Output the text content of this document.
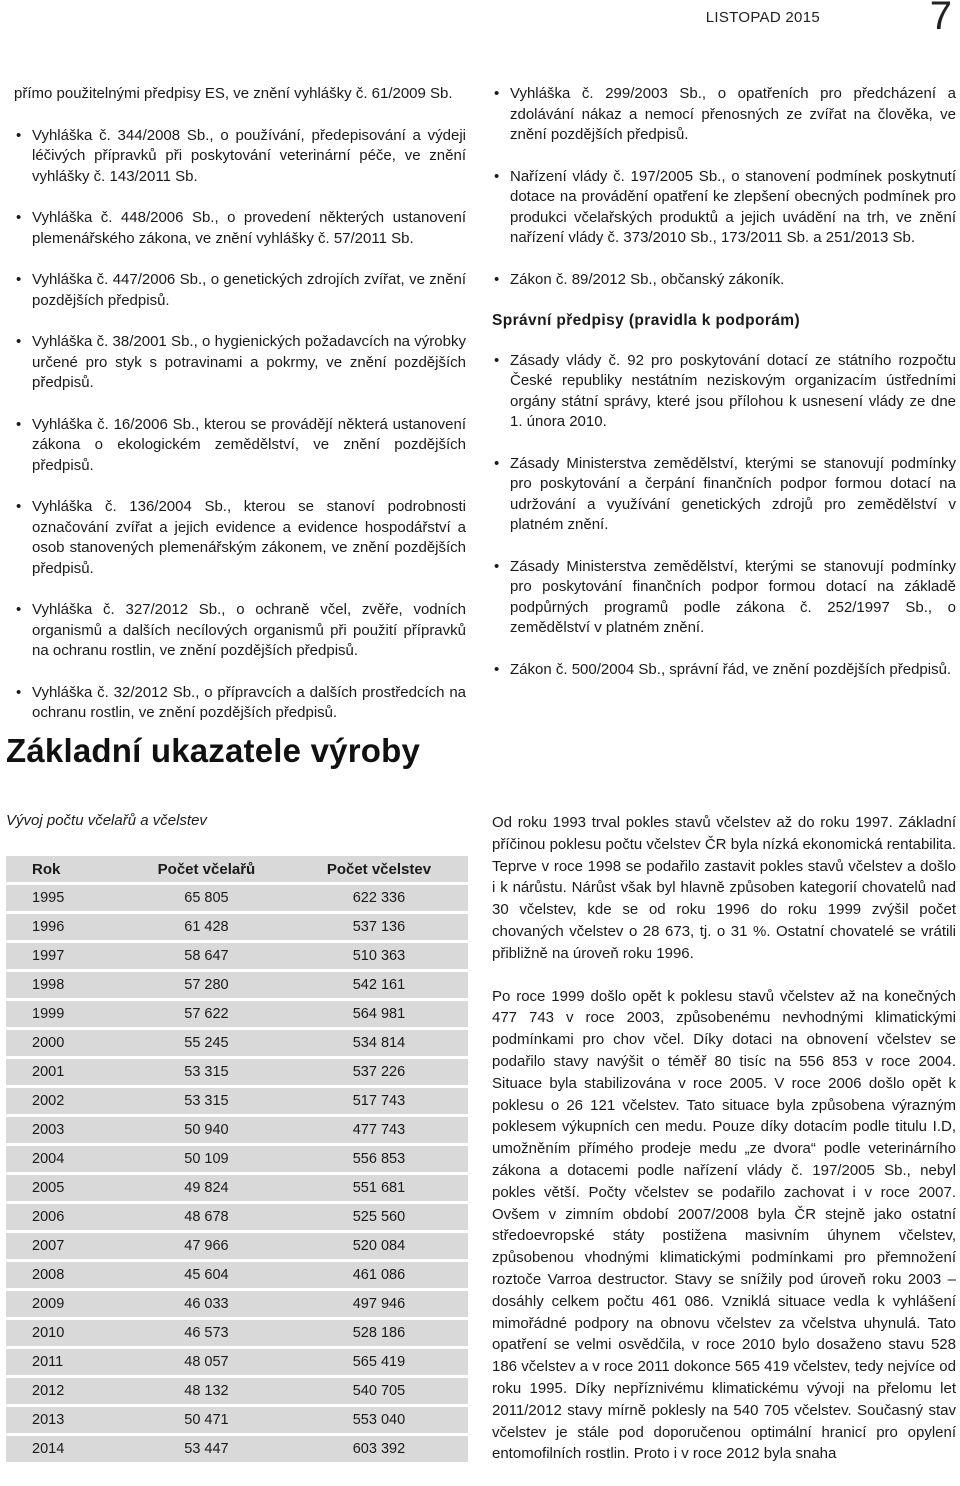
LISTOPAD 2015	7

přímo použitelnými předpisy ES, ve znění vyhlášky č. 61/2009 Sb.

• Vyhláška č. 344/2008 Sb., o používání, předepisování a výdeji léčivých přípravků při poskytování veterinární péče, ve znění vyhlášky č. 143/2011 Sb.
• Vyhláška č. 448/2006 Sb., o provedení některých ustanovení plemenářského zákona, ve znění vyhlášky č. 57/2011 Sb.
• Vyhláška č. 447/2006 Sb., o genetických zdrojích zvířat, ve znění pozdějších předpisů.
• Vyhláška č. 38/2001 Sb., o hygienických požadavcích na výrobky určené pro styk s potravinami a pokrmy, ve znění pozdějších předpisů.
• Vyhláška č. 16/2006 Sb., kterou se provádějí některá ustanovení zákona o ekologickém zemědělství, ve znění pozdějších předpisů.
• Vyhláška č. 136/2004 Sb., kterou se stanoví podrobnosti označování zvířat a jejich evidence a evidence hospodářství a osob stanovených plemenářským zákonem, ve znění pozdějších předpisů.
• Vyhláška č. 327/2012 Sb., o ochraně včel, zvěře, vodních organismů a dalších necílových organismů při použití přípravků na ochranu rostlin, ve znění pozdějších předpisů.
• Vyhláška č. 32/2012 Sb., o přípravcích a dalších prostředcích na ochranu rostlin, ve znění pozdějších předpisů.
• Vyhláška č. 299/2003 Sb., o opatřeních pro předcházení a zdolávání nákaz a nemocí přenosných ze zvířat na člověka, ve znění pozdějších předpisů.
• Nařízení vlády č. 197/2005 Sb., o stanovení podmínek poskytnutí dotace na provádění opatření ke zlepšení obecných podmínek pro produkci včelařských produktů a jejich uvádění na trh, ve znění nařízení vlády č. 373/2010 Sb., 173/2011 Sb. a 251/2013 Sb.
• Zákon č. 89/2012 Sb., občanský zákoník.
Správní předpisy (pravidla k podporám)
• Zásady vlády č. 92 pro poskytování dotací ze státního rozpočtu České republiky nestátním neziskovým organizacím ústředními orgány státní správy, které jsou přílohou k usnesení vlády ze dne 1. února 2010.
• Zásady Ministerstva zemědělství, kterými se stanovují podmínky pro poskytování a čerpání finančních podpor formou dotací na udržování a využívání genetických zdrojů pro zemědělství v platném znění.
• Zásady Ministerstva zemědělství, kterými se stanovují podmínky pro poskytování finančních podpor formou dotací na základě podpůrných programů podle zákona č. 252/1997 Sb., o zemědělství v platném znění.
• Zákon č. 500/2004 Sb., správní řád, ve znění pozdějších předpisů.
Základní ukazatele výroby

Vývoj počtu včelařů a včelstev

Rok	Počet včelařů	Počet včelstev
1995	65 805	622 336
1996	61 428	537 136
1997	58 647	510 363
1998	57 280	542 161
1999	57 622	564 981
2000	55 245	534 814
2001	53 315	537 226
2002	53 315	517 743
2003	50 940	477 743
2004	50 109	556 853
2005	49 824	551 681
2006	48 678	525 560
2007	47 966	520 084
2008	45 604	461 086
2009	46 033	497 946
2010	46 573	528 186
2011	48 057	565 419
2012	48 132	540 705
2013	50 471	553 040
2014	53 447	603 392

Od roku 1993 trval pokles stavů včelstev až do roku 1997. Základní příčinou poklesu počtu včelstev ČR byla nízká ekonomická rentabilita. Teprve v roce 1998 se podařilo zastavit pokles stavů včelstev a došlo i k nárůstu. Nárůst však byl hlavně způsoben kategorií chovatelů nad 30 včelstev, kde se od roku 1996 do roku 1999 zvýšil počet chovaných včelstev o 28 673, tj. o 31 %. Ostatní chovatelé se vrátili přibližně na úroveň roku 1996.

Po roce 1999 došlo opět k poklesu stavů včelstev až na konečných 477 743 v roce 2003, způsobenému nevhodnými klimatickými podmínkami pro chov včel. Díky dotaci na obnovení včelstev se podařilo stavy navýšit o téměř 80 tisíc na 556 853 v roce 2004. Situace byla stabilizována v roce 2005. V roce 2006 došlo opět k poklesu o 26 121 včelstev. Tato situace byla způsobena výrazným poklesem výkupních cen medu. Pouze díky dotacím podle titulu I.D, umožněním přímého prodeje medu „ze dvora“ podle veterinárního zákona a dotacemi podle nařízení vlády č. 197/2005 Sb., nebyl pokles větší. Počty včelstev se podařilo zachovat i v roce 2007. Ovšem v zimním období 2007/2008 byla ČR stejně jako ostatní středoevropské státy postižena masivním úhynem včelstev, způsobenou vhodnými klimatickými podmínkami pro přemnožení roztoče Varroa destructor. Stavy se snížily pod úroveň roku 2003 – dosáhly celkem počtu 461 086. Vzniklá situace vedla k vyhlášení mimořádné podpory na obnovu včelstev za včelstva uhynulá. Tato opatření se velmi osvědčila, v roce 2010 bylo dosaženo stavu 528 186 včelstev a v roce 2011 dokonce 565 419 včelstev, tedy nejvíce od roku 1995. Díky nepříznivému klimatickému vývoji na přelomu let 2011/2012 stavy mírně poklesly na 540 705 včelstev. Současný stav včelstev je stále pod doporučenou optimální hranicí pro opylení entomofilních rostlin. Proto i v roce 2012 byla snaha
